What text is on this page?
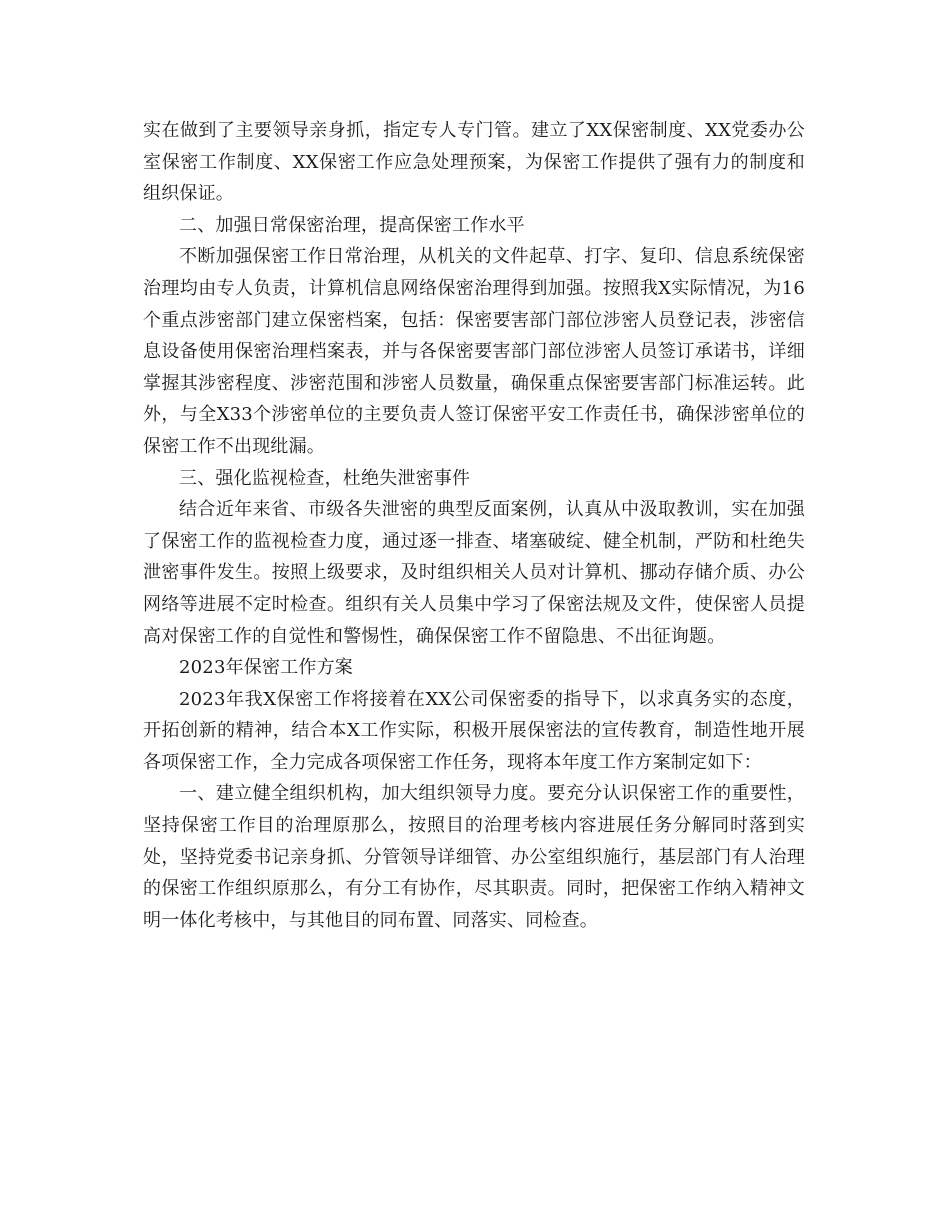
实在做到了主要领导亲身抓，指定专人专门管。建立了XX保密制度、XX党委办公室保密工作制度、XX保密工作应急处理预案，为保密工作提供了强有力的制度和组织保证。

二、加强日常保密治理，提高保密工作水平

不断加强保密工作日常治理，从机关的文件起草、打字、复印、信息系统保密治理均由专人负责，计算机信息网络保密治理得到加强。按照我X实际情况，为16个重点涉密部门建立保密档案，包括：保密要害部门部位涉密人员登记表，涉密信息设备使用保密治理档案表，并与各保密要害部门部位涉密人员签订承诺书，详细掌握其涉密程度、涉密范围和涉密人员数量，确保重点保密要害部门标准运转。此外，与全X33个涉密单位的主要负责人签订保密平安工作责任书，确保涉密单位的保密工作不出现纰漏。

三、强化监视检查，杜绝失泄密事件

结合近年来省、市级各失泄密的典型反面案例，认真从中汲取教训，实在加强了保密工作的监视检查力度，通过逐一排查、堵塞破绽、健全机制，严防和杜绝失泄密事件发生。按照上级要求，及时组织相关人员对计算机、挪动存储介质、办公网络等进展不定时检查。组织有关人员集中学习了保密法规及文件，使保密人员提高对保密工作的自觉性和警惕性，确保保密工作不留隐患、不出征询题。

2023年保密工作方案

2023年我X保密工作将接着在XX公司保密委的指导下，以求真务实的态度，开拓创新的精神，结合本X工作实际，积极开展保密法的宣传教育，制造性地开展各项保密工作，全力完成各项保密工作任务，现将本年度工作方案制定如下：

一、建立健全组织机构，加大组织领导力度。要充分认识保密工作的重要性，坚持保密工作目的治理原那么，按照目的治理考核内容进展任务分解同时落到实处，坚持党委书记亲身抓、分管领导详细管、办公室组织施行，基层部门有人治理的保密工作组织原那么，有分工有协作，尽其职责。同时，把保密工作纳入精神文明一体化考核中，与其他目的同布置、同落实、同检查。
